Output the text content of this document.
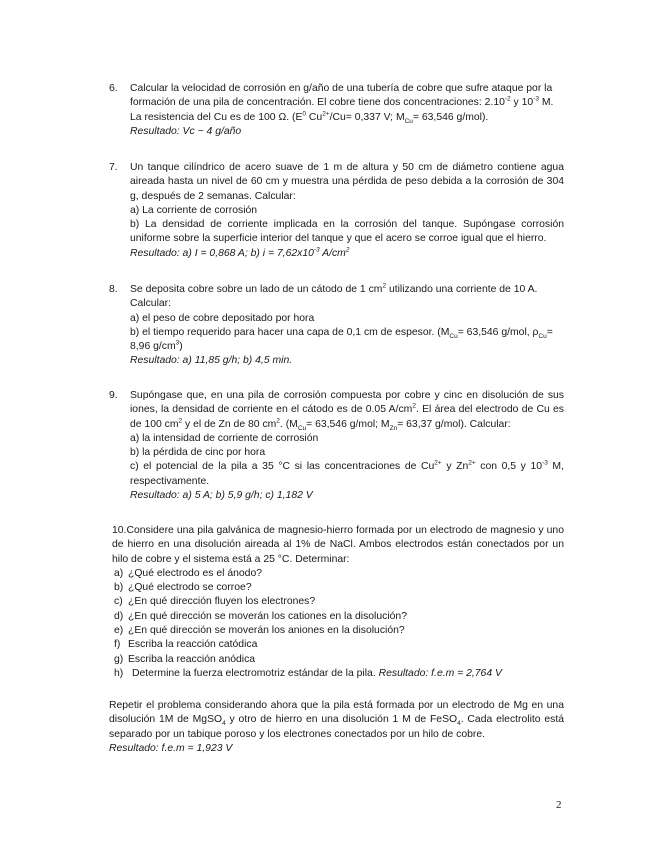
6.	Calcular la velocidad de corrosión en g/año de una tubería de cobre que sufre ataque por la

formación de una pila de concentración. El cobre tiene dos concentraciones: $2.10^{-2}$ y $10^{-3}$ M.

La resistencia del Cu es de 100 Ω. ($E^0$ $Cu^{2+}/Cu= 0,337$ V; $M_{Cu}= 63,546$ g/mol).

Resultado: Vc ~ 4 g/año

7.	Un tanque cilíndrico de acero suave de 1 m de altura y 50 cm de diámetro contiene agua aireada hasta un nivel de 60 cm y muestra una pérdida de peso debida a la corrosión de 304 g, después de 2 semanas. Calcular:

a) La corriente de corrosión

b) La densidad de corriente implicada en la corrosión del tanque. Supóngase corrosión uniforme sobre la superficie interior del tanque y que el acero se corroe igual que el hierro.

Resultado: a) I = 0,868 A; b) $i = 7,62x10^{-3}$ $A/cm^2$

8.	Se deposita cobre sobre un lado de un cátodo de 1 $cm^2$ utilizando una corriente de 10 A.

Calcular:

a) el peso de cobre depositado por hora

b) el tiempo requerido para hacer una capa de 0,1 cm de espesor. ($M_{Cu}= 63,546$ g/mol, $\rho_{Cu}=$
8,96 $g/cm^3$)

Resultado: a) 11,85 g/h; b) 4,5 min.

9.	Supóngase que, en una pila de corrosión compuesta por cobre y cinc en disolución de sus iones, la densidad de corriente en el cátodo es de 0.05 $A/cm^2$. El área del electrodo de Cu es de 100 $cm^2$ y el de Zn de 80 $cm^2$. ($M_{Cu}= 63,546$ g/mol; $M_{Zn}= 63,37$ g/mol). Calcular:

a) la intensidad de corriente de corrosión

b) la pérdida de cinc por hora

c) el potencial de la pila a 35 °C si las concentraciones de $Cu^{2+}$ y $Zn^{2+}$ con 0,5 y $10^{-3}$ M, respectivamente.

Resultado: a) 5 A; b) 5,9 g/h; c) 1,182 V

10.Considere una pila galvánica de magnesio-hierro formada por un electrodo de magnesio y uno de hierro en una disolución aireada al 1% de NaCl. Ambos electrodos están conectados por un hilo de cobre y el sistema está a 25 °C. Determinar:

a) ¿Qué electrodo es el ánodo?
b) ¿Qué electrodo se corroe?
c) ¿En qué dirección fluyen los electrones?
d) ¿En qué dirección se moverán los cationes en la disolución?
e) ¿En qué dirección se moverán los aniones en la disolución?
f) Escriba la reacción catódica
g) Escriba la reacción anódica
h) Determine la fuerza electromotriz estándar de la pila. Resultado: f.e.m = 2,764 V

Repetir el problema considerando ahora que la pila está formada por un electrodo de Mg en una disolución 1M de MgSO$_4$ y otro de hierro en una disolución 1 M de FeSO$_4$. Cada electrolito está separado por un tabique poroso y los electrones conectados por un hilo de cobre.

Resultado: f.e.m = 1,923 V

2
